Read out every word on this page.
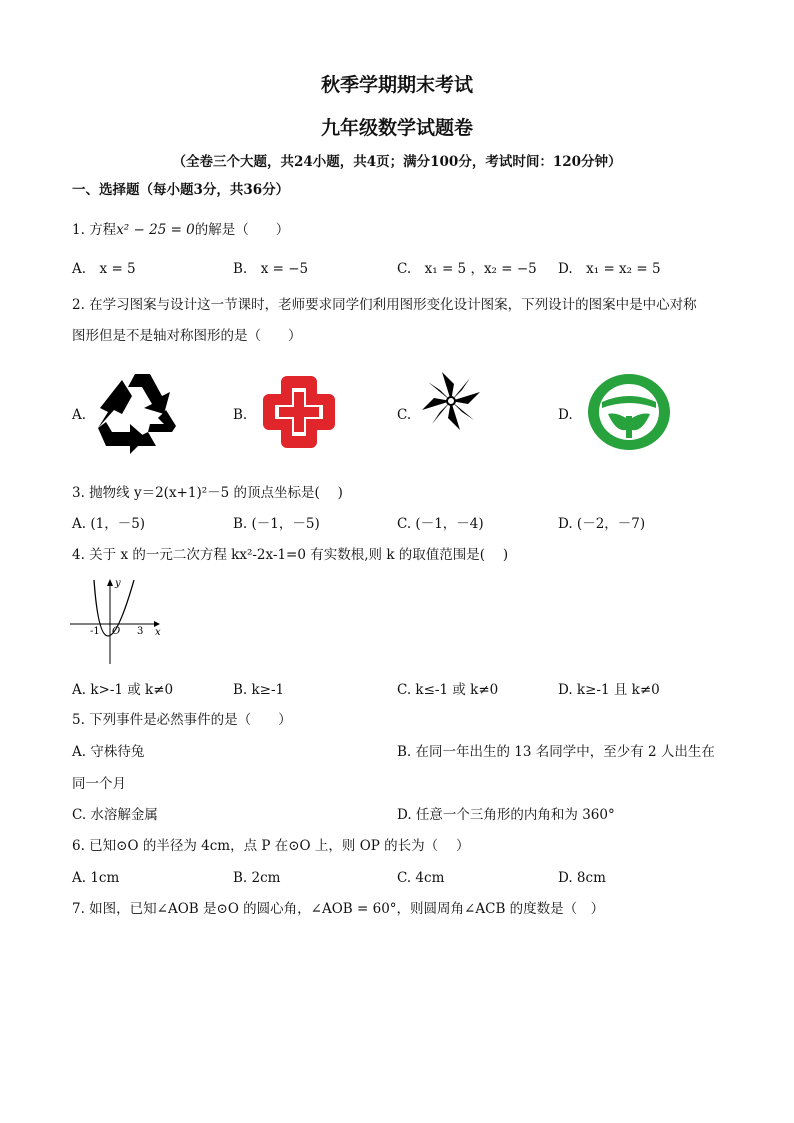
秋季学期期末考试
九年级数学试题卷
（全卷三个大题，共24小题，共4页；满分100分，考试时间：120分钟）
一、选择题（每小题3分，共36分）
1. 方程x² − 25 = 0的解是（　　）
A.　x = 5	B.　x = −5	C.　x₁ = 5 ，x₂ = −5 D.　x₁ = x₂ = 5
2. 在学习图案与设计这一节课时，老师要求同学们利用图形变化设计图案，下列设计的图案中是中心对称
图形但是不是轴对称图形的是（　　）
A.	B.	C.	D.
3. 抛物线 y＝2(x+1)²－5 的顶点坐标是(　 )
A. (1，－5)	B. (－1，－5)	C. (－1，－4)	D. (－2，－7)
4. 关于 x 的一元二次方程 kx²-2x-1=0 有实数根,则 k 的取值范围是(　 )
y
x
O
-1	3
A. k>-1 或 k≠0	B. k≥-1	C. k≤-1 或 k≠0	D. k≥-1 且 k≠0
5. 下列事件是必然事件的是（　　）
A. 守株待兔	B. 在同一年出生的 13 名同学中，至少有 2 人出生在
同一个月
C. 水溶解金属	D. 任意一个三角形的内角和为 360°
6. 已知⊙O 的半径为 4cm，点 P 在⊙O 上，则 OP 的长为（　 ）
A. 1cm	B. 2cm	C. 4cm	D. 8cm
7. 如图，已知∠AOB 是⊙O 的圆心角，∠AOB = 60°，则圆周角∠ACB 的度数是（　）
